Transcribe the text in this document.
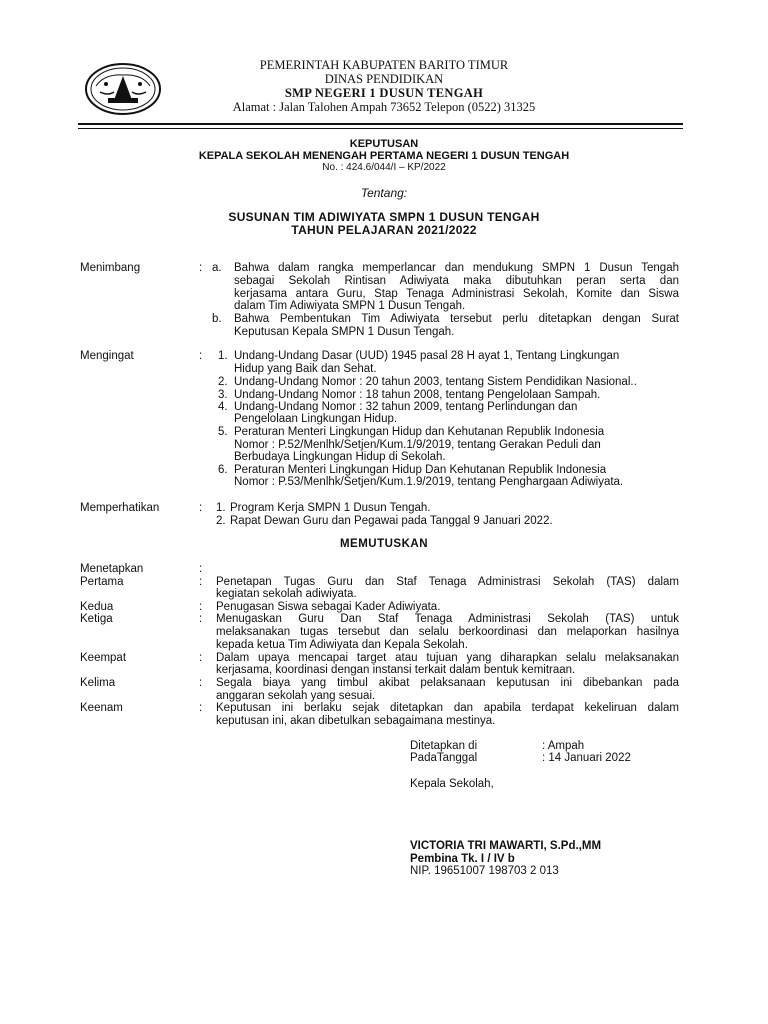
PEMERINTAH KABUPATEN BARITO TIMUR
DINAS PENDIDIKAN
SMP NEGERI 1 DUSUN TENGAH
Alamat : Jalan Talohen Ampah 73652 Telepon (0522) 31325
KEPUTUSAN
KEPALA SEKOLAH MENENGAH PERTAMA NEGERI 1 DUSUN TENGAH
No. : 424.6/044/I – KP/2022
Tentang:
SUSUNAN TIM ADIWIYATA SMPN 1 DUSUN TENGAH
TAHUN PELAJARAN 2021/2022
Menimbang	: a. Bahwa dalam rangka memperlancar dan mendukung SMPN 1 Dusun Tengah
sebagai Sekolah Rintisan Adiwiyata maka dibutuhkan peran serta dan
kerjasama antara Guru, Stap Tenaga Administrasi Sekolah, Komite dan Siswa
dalam Tim Adiwiyata SMPN 1 Dusun Tengah.
b. Bahwa Pembentukan Tim Adiwiyata tersebut perlu ditetapkan dengan Surat
Keputusan Kepala SMPN 1 Dusun Tengah.
Mengingat	: 1. Undang-Undang Dasar (UUD) 1945 pasal 28 H ayat 1, Tentang Lingkungan
Hidup yang Baik dan Sehat.
2. Undang-Undang Nomor : 20 tahun 2003, tentang Sistem Pendidikan Nasional..
3. Undang-Undang Nomor : 18 tahun 2008, tentang Pengelolaan Sampah.
4. Undang-Undang Nomor : 32 tahun 2009, tentang Perlindungan dan
Pengelolaan Lingkungan Hidup.
5. Peraturan Menteri Lingkungan Hidup dan Kehutanan Republik Indonesia
Nomor : P.52/Menlhk/Setjen/Kum.1/9/2019, tentang Gerakan Peduli dan
Berbudaya Lingkungan Hidup di Sekolah.
6. Peraturan Menteri Lingkungan Hidup Dan Kehutanan Republik Indonesia
Nomor : P.53/Menlhk/Setjen/Kum.1.9/2019, tentang Penghargaan Adiwiyata.
Memperhatikan	: 1. Program Kerja SMPN 1 Dusun Tengah.
2. Rapat Dewan Guru dan Pegawai pada Tanggal 9 Januari 2022.
MEMUTUSKAN
Menetapkan	:
Pertama	: Penetapan Tugas Guru dan Staf Tenaga Administrasi Sekolah (TAS) dalam
kegiatan sekolah adiwiyata.
Kedua	: Penugasan Siswa sebagai Kader Adiwiyata.
Ketiga	: Menugaskan Guru Dan Staf Tenaga Administrasi Sekolah (TAS) untuk
melaksanakan tugas tersebut dan selalu berkoordinasi dan melaporkan hasilnya
kepada ketua Tim Adiwiyata dan Kepala Sekolah.
Keempat	: Dalam upaya mencapai target atau tujuan yang diharapkan selalu melaksanakan
kerjasama, koordinasi dengan instansi terkait dalam bentuk kemitraan.
Kelima	: Segala biaya yang timbul akibat pelaksanaan keputusan ini dibebankan pada
anggaran sekolah yang sesuai.
Keenam	: Keputusan ini berlaku sejak ditetapkan dan apabila terdapat kekeliruan dalam
keputusan ini, akan dibetulkan sebagaimana mestinya.
Ditetapkan di	: Ampah
PadaTanggal	: 14 Januari 2022
Kepala Sekolah,
VICTORIA TRI MAWARTI, S.Pd.,MM
Pembina Tk. I / IV b
NIP. 19651007 198703 2 013
